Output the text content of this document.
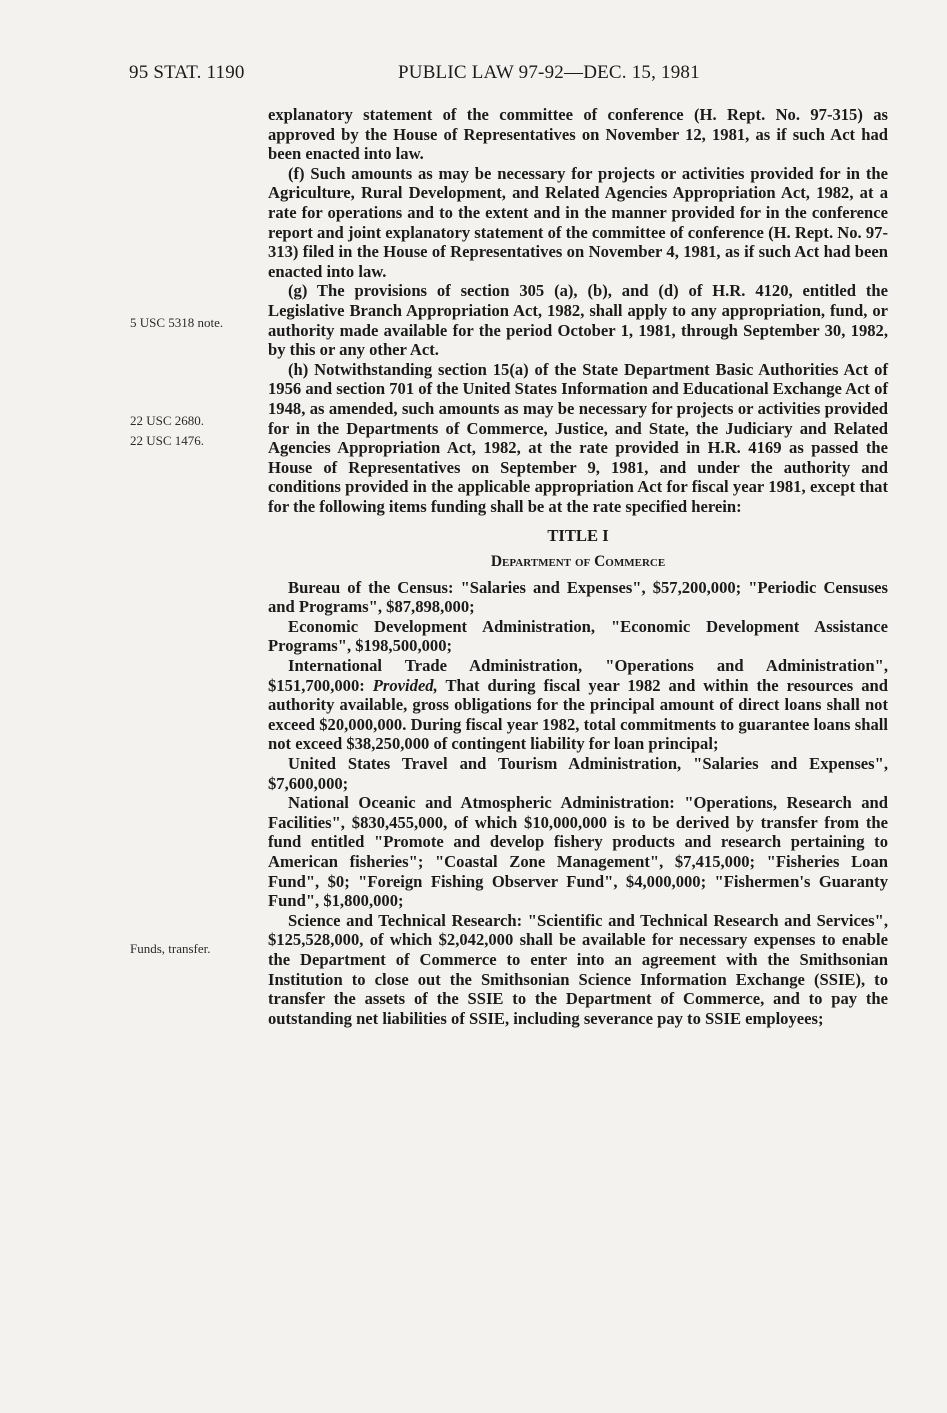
95 STAT. 1190	PUBLIC LAW 97-92—DEC. 15, 1981
5 USC 5318 note.
22 USC 2680.
22 USC 1476.
Funds, transfer.

explanatory statement of the committee of conference (H. Rept. No. 97-315) as approved by the House of Representatives on November 12, 1981, as if such Act had been enacted into law.

(f) Such amounts as may be necessary for projects or activities provided for in the Agriculture, Rural Development, and Related Agencies Appropriation Act, 1982, at a rate for operations and to the extent and in the manner provided for in the conference report and joint explanatory statement of the committee of conference (H. Rept. No. 97-313) filed in the House of Representatives on November 4, 1981, as if such Act had been enacted into law.

(g) The provisions of section 305 (a), (b), and (d) of H.R. 4120, entitled the Legislative Branch Appropriation Act, 1982, shall apply to any appropriation, fund, or authority made available for the period October 1, 1981, through September 30, 1982, by this or any other Act.

(h) Notwithstanding section 15(a) of the State Department Basic Authorities Act of 1956 and section 701 of the United States Information and Educational Exchange Act of 1948, as amended, such amounts as may be necessary for projects or activities provided for in the Departments of Commerce, Justice, and State, the Judiciary and Related Agencies Appropriation Act, 1982, at the rate provided in H.R. 4169 as passed the House of Representatives on September 9, 1981, and under the authority and conditions provided in the applicable appropriation Act for fiscal year 1981, except that for the following items funding shall be at the rate specified herein:

TITLE I

Department of Commerce

Bureau of the Census: "Salaries and Expenses", $57,200,000; "Periodic Censuses and Programs", $87,898,000;

Economic Development Administration, "Economic Development Assistance Programs", $198,500,000;

International Trade Administration, "Operations and Administration", $151,700,000: Provided, That during fiscal year 1982 and within the resources and authority available, gross obligations for the principal amount of direct loans shall not exceed $20,000,000. During fiscal year 1982, total commitments to guarantee loans shall not exceed $38,250,000 of contingent liability for loan principal;

United States Travel and Tourism Administration, "Salaries and Expenses", $7,600,000;

National Oceanic and Atmospheric Administration: "Operations, Research and Facilities", $830,455,000, of which $10,000,000 is to be derived by transfer from the fund entitled "Promote and develop fishery products and research pertaining to American fisheries"; "Coastal Zone Management", $7,415,000; "Fisheries Loan Fund", $0; "Foreign Fishing Observer Fund", $4,000,000; "Fishermen's Guaranty Fund", $1,800,000;

Science and Technical Research: "Scientific and Technical Research and Services", $125,528,000, of which $2,042,000 shall be available for necessary expenses to enable the Department of Commerce to enter into an agreement with the Smithsonian Institution to close out the Smithsonian Science Information Exchange (SSIE), to transfer the assets of the SSIE to the Department of Commerce, and to pay the outstanding net liabilities of SSIE, including severance pay to SSIE employees;
